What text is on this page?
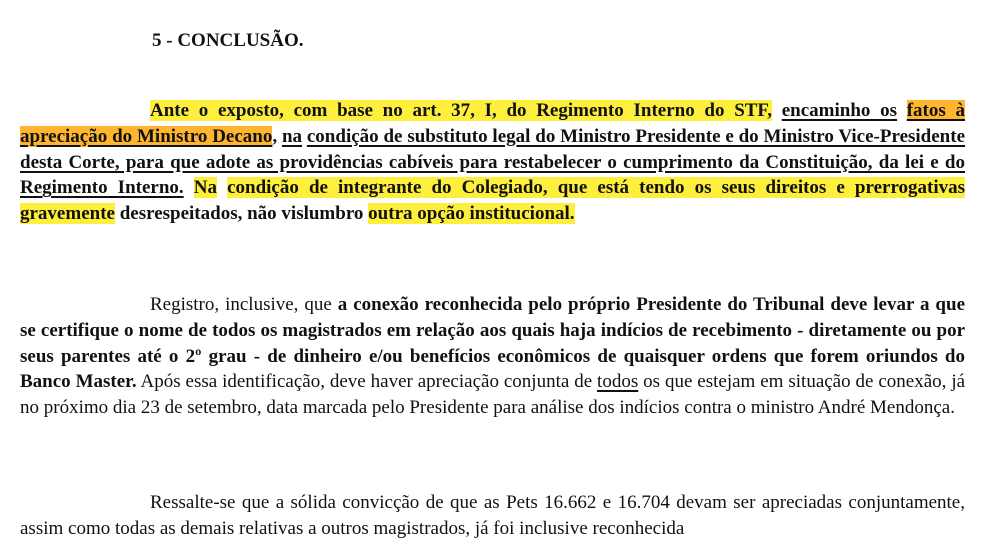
5 - CONCLUSÃO.
Ante o exposto, com base no art. 37, I, do Regimento Interno do STF, encaminho os fatos à apreciação do Ministro Decano, na condição de substituto legal do Ministro Presidente e do Ministro Vice-Presidente desta Corte, para que adote as providências cabíveis para restabelecer o cumprimento da Constituição, da lei e do Regimento Interno. Na condição de integrante do Colegiado, que está tendo os seus direitos e prerrogativas gravemente desrespeitados, não vislumbro outra opção institucional.
Registro, inclusive, que a conexão reconhecida pelo próprio Presidente do Tribunal deve levar a que se certifique o nome de todos os magistrados em relação aos quais haja indícios de recebimento - diretamente ou por seus parentes até o 2º grau - de dinheiro e/ou benefícios econômicos de quaisquer ordens que forem oriundos do Banco Master. Após essa identificação, deve haver apreciação conjunta de todos os que estejam em situação de conexão, já no próximo dia 23 de setembro, data marcada pelo Presidente para análise dos indícios contra o ministro André Mendonça.
Ressalte-se que a sólida convicção de que as Pets 16.662 e 16.704 devam ser apreciadas conjuntamente, assim como todas as demais relativas a outros magistrados, já foi inclusive reconhecida
